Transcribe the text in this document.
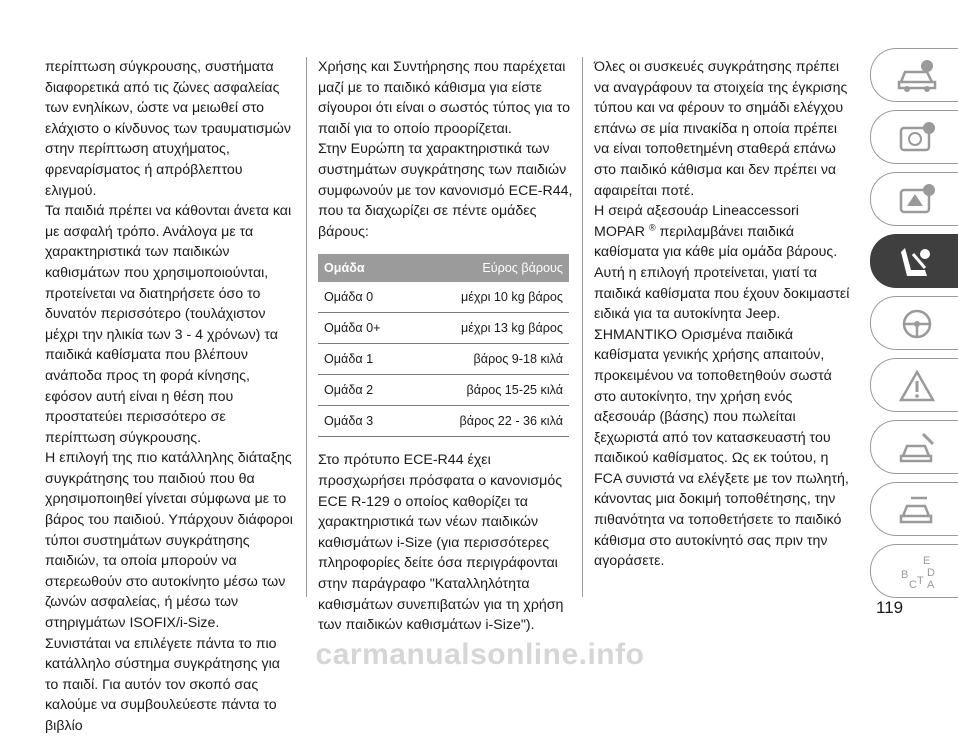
περίπτωση σύγκρουσης, συστήματα διαφορετικά από τις ζώνες ασφαλείας των ενηλίκων, ώστε να μειωθεί στο ελάχιστο ο κίνδυνος των τραυματισμών στην περίπτωση ατυχήματος, φρεναρίσματος ή απρόβλεπτου ελιγμού.

Τα παιδιά πρέπει να κάθονται άνετα και με ασφαλή τρόπο. Ανάλογα με τα χαρακτηριστικά των παιδικών καθισμάτων που χρησιμοποιούνται, προτείνεται να διατηρήσετε όσο το δυνατόν περισσότερο (τουλάχιστον μέχρι την ηλικία των 3 - 4 χρόνων) τα παιδικά καθίσματα που βλέπουν ανάποδα προς τη φορά κίνησης, εφόσον αυτή είναι η θέση που προστατεύει περισσότερο σε περίπτωση σύγκρουσης.

Η επιλογή της πιο κατάλληλης διάταξης συγκράτησης του παιδιού που θα χρησιμοποιηθεί γίνεται σύμφωνα με το βάρος του παιδιού. Υπάρχουν διάφοροι τύποι συστημάτων συγκράτησης παιδιών, τα οποία μπορούν να στερεωθούν στο αυτοκίνητο μέσω των ζωνών ασφαλείας, ή μέσω των στηριγμάτων ISOFIX/i-Size.

Συνιστάται να επιλέγετε πάντα το πιο κατάλληλο σύστημα συγκράτησης για το παιδί. Για αυτόν τον σκοπό σας καλούμε να συμβουλεύεστε πάντα το βιβλίο

Χρήσης και Συντήρησης που παρέχεται μαζί με το παιδικό κάθισμα για είστε σίγουροι ότι είναι ο σωστός τύπος για το παιδί για το οποίο προορίζεται.

Στην Ευρώπη τα χαρακτηριστικά των συστημάτων συγκράτησης των παιδιών συμφωνούν με τον κανονισμό ECE-R44, που τα διαχωρίζει σε πέντε ομάδες βάρους:

Ομάδα	Εύρος βάρους
Ομάδα 0	μέχρι 10 kg βάρος
Ομάδα 0+	μέχρι 13 kg βάρος
Ομάδα 1	βάρος 9-18 κιλά
Ομάδα 2	βάρος 15-25 κιλά
Ομάδα 3	βάρος 22 - 36 κιλά

Στο πρότυπο ECE-R44 έχει προσχωρήσει πρόσφατα ο κανονισμός ECE R-129 ο οποίος καθορίζει τα χαρακτηριστικά των νέων παιδικών καθισμάτων i-Size (για περισσότερες πληροφορίες δείτε όσα περιγράφονται στην παράγραφο "Καταλληλότητα καθισμάτων συνεπιβατών για τη χρήση των παιδικών καθισμάτων i-Size").

Όλες οι συσκευές συγκράτησης πρέπει να αναγράφουν τα στοιχεία της έγκρισης τύπου και να φέρουν το σημάδι ελέγχου επάνω σε μία πινακίδα η οποία πρέπει να είναι τοποθετημένη σταθερά επάνω στο παιδικό κάθισμα και δεν πρέπει να αφαιρείται ποτέ.

Η σειρά αξεσουάρ Lineaccessori MOPAR ® περιλαμβάνει παιδικά καθίσματα για κάθε μία ομάδα βάρους. Αυτή η επιλογή προτείνεται, γιατί τα παιδικά καθίσματα που έχουν δοκιμαστεί ειδικά για τα αυτοκίνητα Jeep.

ΣΗΜΑΝΤΙΚΟ Ορισμένα παιδικά καθίσματα γενικής χρήσης απαιτούν, προκειμένου να τοποθετηθούν σωστά στο αυτοκίνητο, την χρήση ενός αξεσουάρ (βάσης) που πωλείται ξεχωριστά από τον κατασκευαστή του παιδικού καθίσματος. Ως εκ τούτου, η FCA συνιστά να ελέγξετε με τον πωλητή, κάνοντας μια δοκιμή τοποθέτησης, την πιθανότητα να τοποθετήσετε το παιδικό κάθισμα στο αυτοκίνητό σας πριν την αγοράσετε.	E
B
C T
D
A
119
carmanualsonline.info
